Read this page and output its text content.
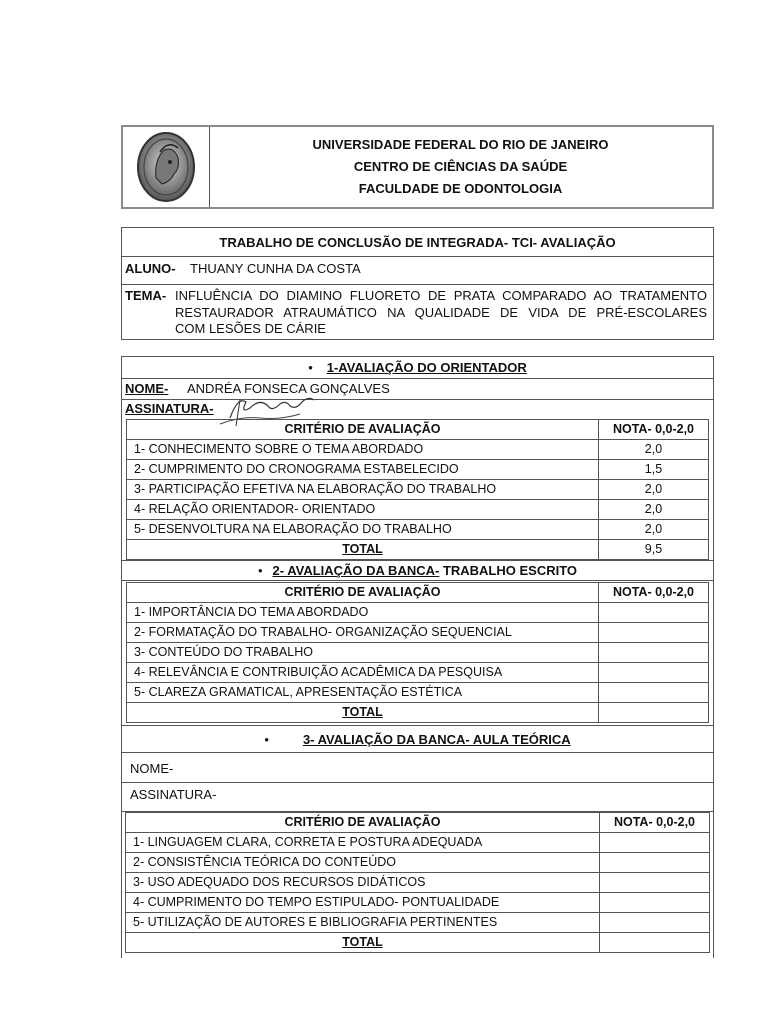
UNIVERSIDADE FEDERAL DO RIO DE JANEIRO
CENTRO DE CIÊNCIAS DA SAÚDE
FACULDADE DE ODONTOLOGIA
TRABALHO DE CONCLUSÃO DE INTEGRADA- TCI- AVALIAÇÃO
ALUNO- THUANY CUNHA DA COSTA
TEMA- INFLUÊNCIA DO DIAMINO FLUORETO DE PRATA COMPARADO AO TRATAMENTO
RESTAURADOR ATRAUMÁTICO NA QUALIDADE DE VIDA DE PRÉ-ESCOLARES
COM LESÕES DE CÁRIE
• 1-AVALIAÇÃO DO ORIENTADOR
NOME- ANDRÉA FONSECA GONÇALVES
ASSINATURA-
CRITÉRIO DE AVALIAÇÃO	NOTA- 0,0-2,0
1- CONHECIMENTO SOBRE O TEMA ABORDADO	2,0
2- CUMPRIMENTO DO CRONOGRAMA ESTABELECIDO	1,5
3- PARTICIPAÇÃO EFETIVA NA ELABORAÇÃO DO TRABALHO	2,0
4- RELAÇÃO ORIENTADOR- ORIENTADO	2,0
5- DESENVOLTURA NA ELABORAÇÃO DO TRABALHO	2,0
TOTAL	9,5
• 2- AVALIAÇÃO DA BANCA- TRABALHO ESCRITO
CRITÉRIO DE AVALIAÇÃO	NOTA- 0,0-2,0
1- IMPORTÂNCIA DO TEMA ABORDADO	
2- FORMATAÇÃO DO TRABALHO- ORGANIZAÇÃO SEQUENCIAL	
3- CONTEÚDO DO TRABALHO	
4- RELEVÂNCIA E CONTRIBUIÇÃO ACADÊMICA DA PESQUISA	
5- CLAREZA GRAMATICAL, APRESENTAÇÃO ESTÉTICA	
TOTAL	
•	3- AVALIAÇÃO DA BANCA- AULA TEÓRICA
NOME-
ASSINATURA-
CRITÉRIO DE AVALIAÇÃO	NOTA- 0,0-2,0
1- LINGUAGEM CLARA, CORRETA E POSTURA ADEQUADA	
2- CONSISTÊNCIA TEÓRICA DO CONTEÚDO	
3- USO ADEQUADO DOS RECURSOS DIDÁTICOS	
4- CUMPRIMENTO DO TEMPO ESTIPULADO- PONTUALIDADE	
5- UTILIZAÇÃO DE AUTORES E BIBLIOGRAFIA PERTINENTES	
TOTAL	
